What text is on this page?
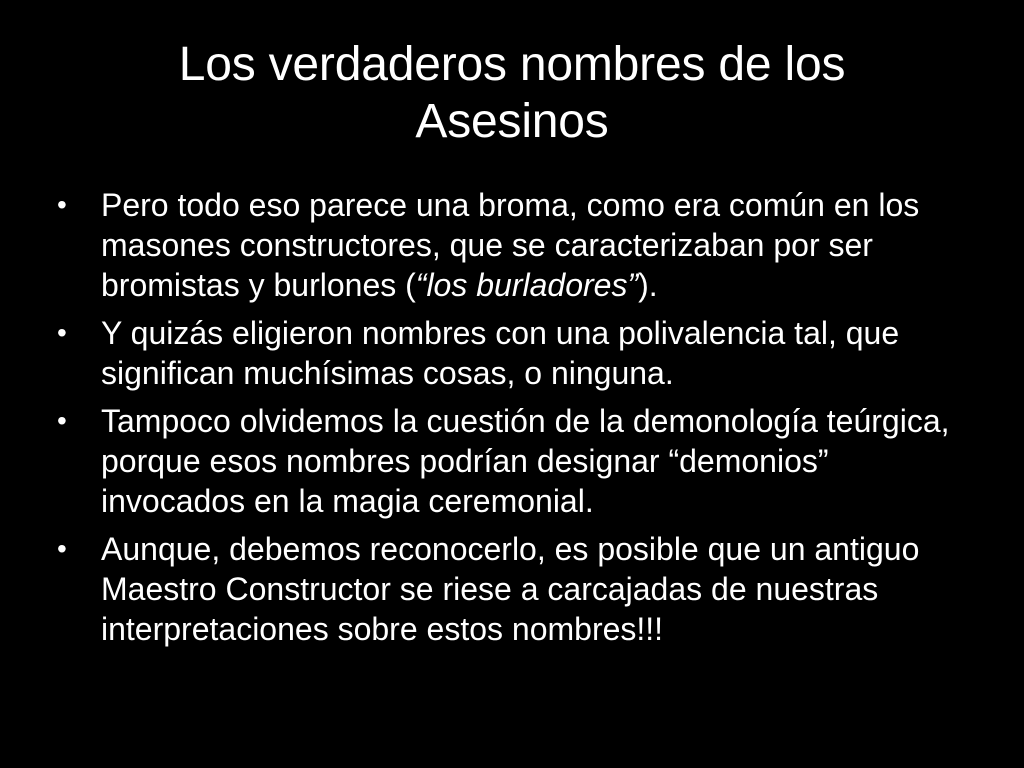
Los verdaderos nombres de los
Asesinos
• Pero todo eso parece una broma, como era común en los masones constructores, que se caracterizaban por ser bromistas y burlones (“los burladores”).
• Y quizás eligieron nombres con una polivalencia tal, que significan muchísimas cosas, o ninguna.
• Tampoco olvidemos la cuestión de la demonología teúrgica, porque esos nombres podrían designar “demonios” invocados en la magia ceremonial.
• Aunque, debemos reconocerlo, es posible que un antiguo Maestro Constructor se riese a carcajadas de nuestras interpretaciones sobre estos nombres!!!
